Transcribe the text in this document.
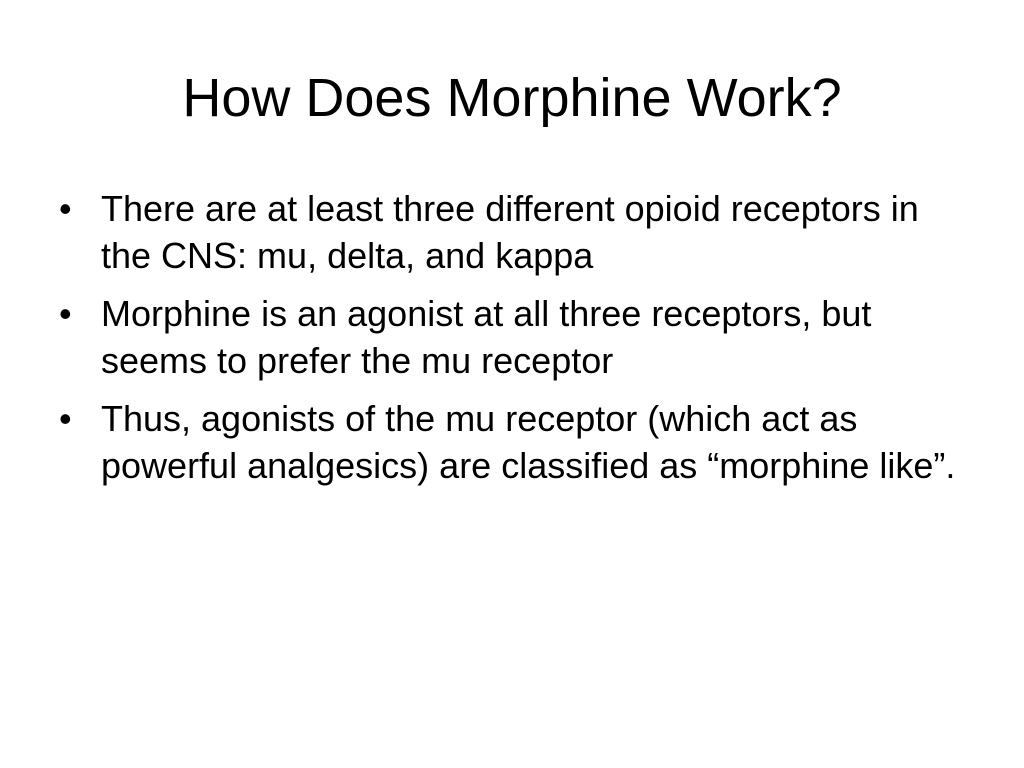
How Does Morphine Work?
• There are at least three different opioid receptors in the CNS: mu, delta, and kappa
• Morphine is an agonist at all three receptors, but seems to prefer the mu receptor
• Thus, agonists of the mu receptor (which act as powerful analgesics) are classified as “morphine like”.
